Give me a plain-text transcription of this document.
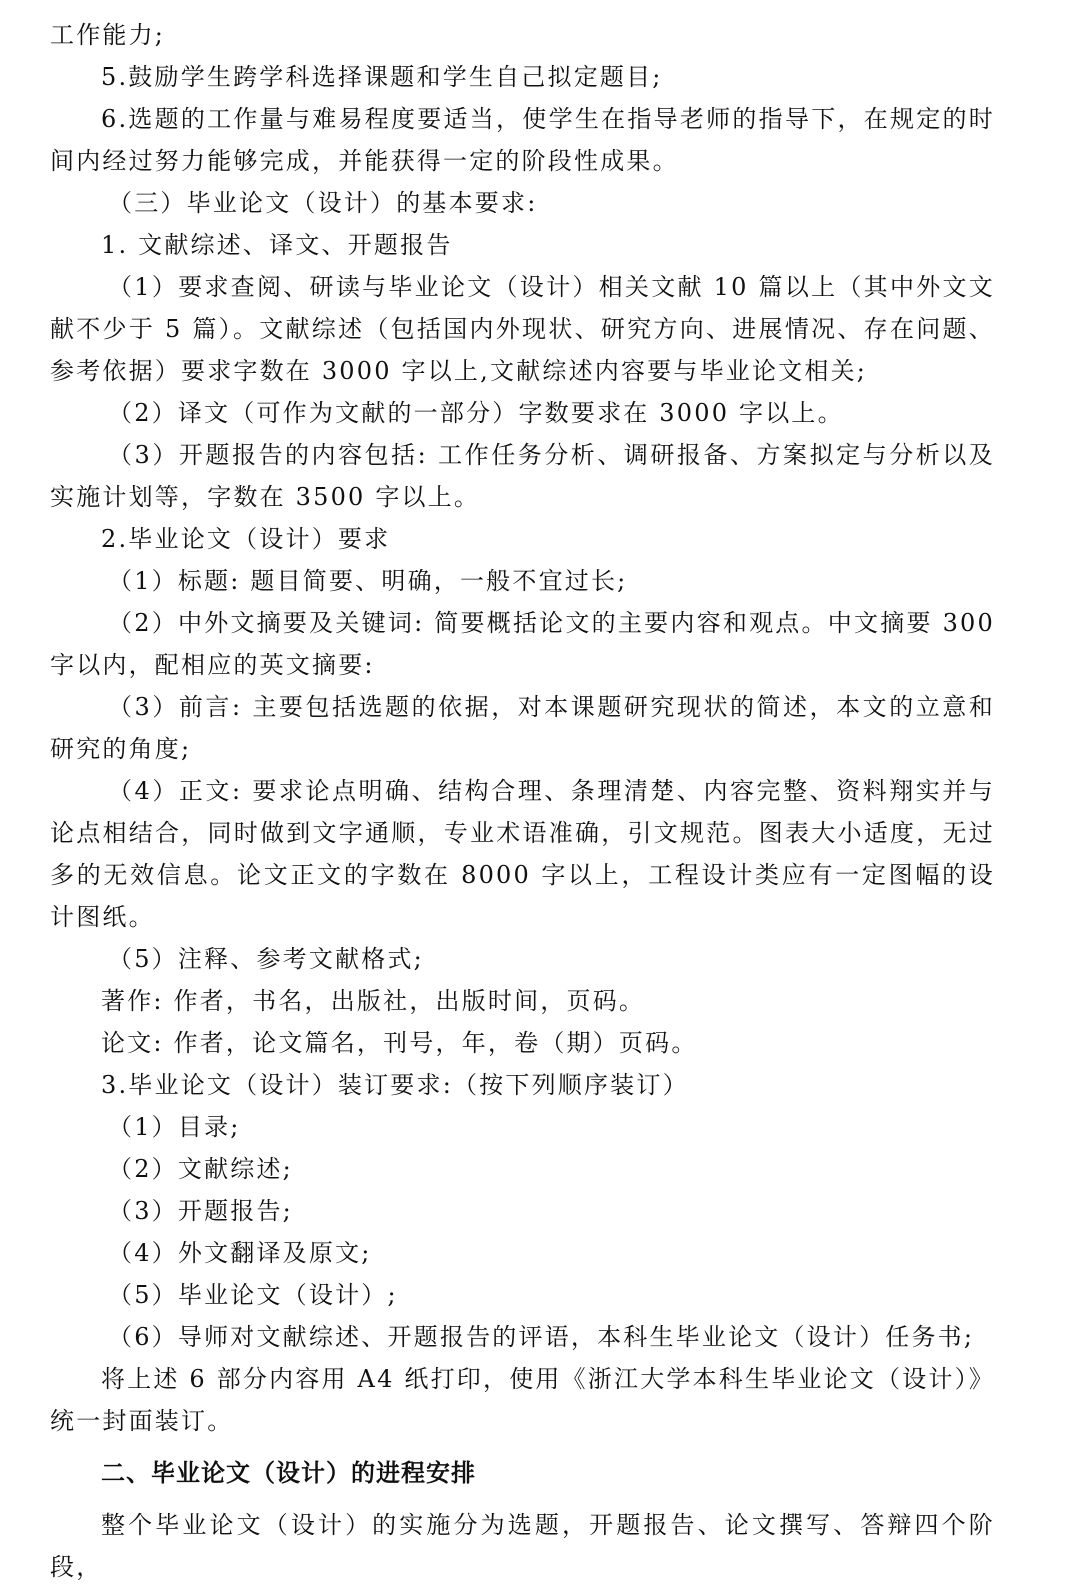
工作能力;

5.鼓励学生跨学科选择课题和学生自己拟定题目;

6.选题的工作量与难易程度要适当，使学生在指导老师的指导下，在规定的时间内经过努力能够完成，并能获得一定的阶段性成果。

（三）毕业论文（设计）的基本要求:

1. 文献综述、译文、开题报告

（1）要求查阅、研读与毕业论文（设计）相关文献 10 篇以上（其中外文文献不少于 5 篇）。文献综述（包括国内外现状、研究方向、进展情况、存在问题、参考依据）要求字数在 3000 字以上,文献综述内容要与毕业论文相关;

（2）译文（可作为文献的一部分）字数要求在 3000 字以上。

（3）开题报告的内容包括: 工作任务分析、调研报备、方案拟定与分析以及实施计划等，字数在 3500 字以上。

2.毕业论文（设计）要求

（1）标题: 题目简要、明确，一般不宜过长;

（2）中外文摘要及关键词: 简要概括论文的主要内容和观点。中文摘要 300 字以内，配相应的英文摘要:

（3）前言: 主要包括选题的依据，对本课题研究现状的简述，本文的立意和研究的角度;

（4）正文: 要求论点明确、结构合理、条理清楚、内容完整、资料翔实并与论点相结合，同时做到文字通顺，专业术语准确，引文规范。图表大小适度，无过多的无效信息。论文正文的字数在 8000 字以上，工程设计类应有一定图幅的设计图纸。

（5）注释、参考文献格式;

著作: 作者，书名，出版社，出版时间，页码。

论文: 作者，论文篇名，刊号，年，卷（期）页码。

3.毕业论文（设计）装订要求:（按下列顺序装订）

（1）目录;

（2）文献综述;

（3）开题报告;

（4）外文翻译及原文;

（5）毕业论文（设计）;

（6）导师对文献综述、开题报告的评语，本科生毕业论文（设计）任务书;

将上述 6 部分内容用 A4 纸打印，使用《浙江大学本科生毕业论文（设计）》统一封面装订。

二、毕业论文（设计）的进程安排

整个毕业论文（设计）的实施分为选题，开题报告、论文撰写、答辩四个阶段，
